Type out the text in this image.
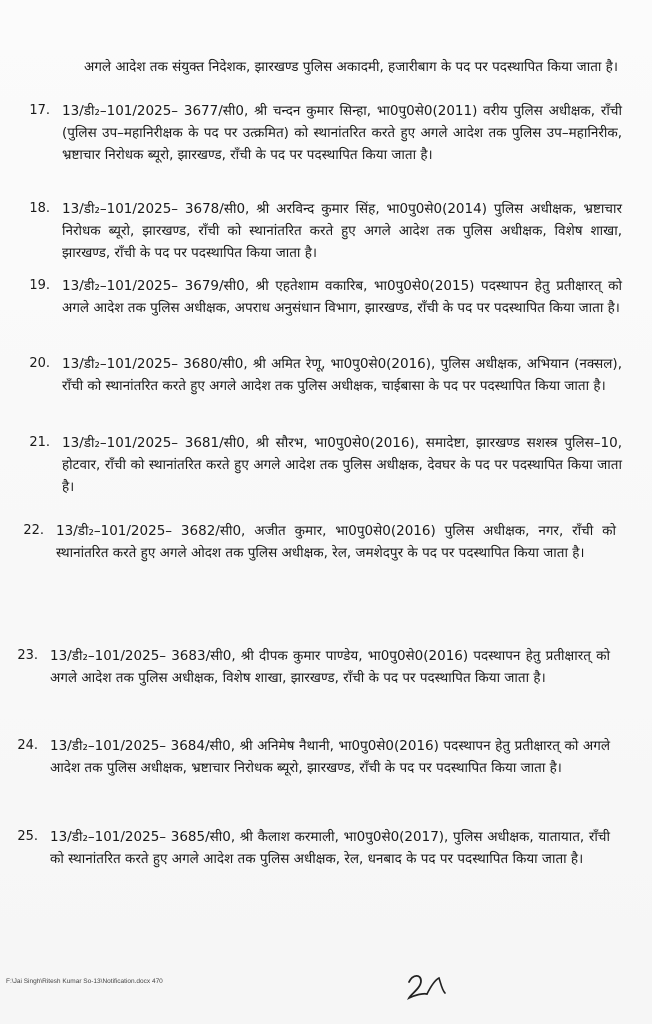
अगले आदेश तक संयुक्त निदेशक, झारखण्ड पुलिस अकादमी, हजारीबाग के पद पर पदस्थापित किया जाता है।

17. 13/डी₂–101/2025– 3677/सी0, श्री चन्दन कुमार सिन्हा, भा0पु0से0(2011) वरीय पुलिस अधीक्षक, राँची (पुलिस उप–महानिरीक्षक के पद पर उत्क्रमित) को स्थानांतरित करते हुए अगले आदेश तक पुलिस उप–महानिरीक, भ्रष्टाचार निरोधक ब्यूरो, झारखण्ड, राँची के पद पर पदस्थापित किया जाता है।
18. 13/डी₂–101/2025– 3678/सी0, श्री अरविन्द कुमार सिंह, भा0पु0से0(2014) पुलिस अधीक्षक, भ्रष्टाचार निरोधक ब्यूरो, झारखण्ड, राँची को स्थानांतरित करते हुए अगले आदेश तक पुलिस अधीक्षक, विशेष शाखा, झारखण्ड, राँची के पद पर पदस्थापित किया जाता है।
19. 13/डी₂–101/2025– 3679/सी0, श्री एहतेशाम वकारिब, भा0पु0से0(2015) पदस्थापन हेतु प्रतीक्षारत् को अगले आदेश तक पुलिस अधीक्षक, अपराध अनुसंधान विभाग, झारखण्ड, राँची के पद पर पदस्थापित किया जाता है।
20. 13/डी₂–101/2025– 3680/सी0, श्री अमित रेणू, भा0पु0से0(2016), पुलिस अधीक्षक, अभियान (नक्सल), राँची को स्थानांतरित करते हुए अगले आदेश तक पुलिस अधीक्षक, चाईबासा के पद पर पदस्थापित किया जाता है।
21. 13/डी₂–101/2025– 3681/सी0, श्री सौरभ, भा0पु0से0(2016), समादेष्टा, झारखण्ड सशस्त्र पुलिस–10, होटवार, राँची को स्थानांतरित करते हुए अगले आदेश तक पुलिस अधीक्षक, देवघर के पद पर पदस्थापित किया जाता है।
22. 13/डी₂–101/2025– 3682/सी0, अजीत कुमार, भा0पु0से0(2016) पुलिस अधीक्षक, नगर, राँची को स्थानांतरित करते हुए अगले ओदश तक पुलिस अधीक्षक, रेल, जमशेदपुर के पद पर पदस्थापित किया जाता है।
23. 13/डी₂–101/2025– 3683/सी0, श्री दीपक कुमार पाण्डेय, भा0पु0से0(2016) पदस्थापन हेतु प्रतीक्षारत् को अगले आदेश तक पुलिस अधीक्षक, विशेष शाखा, झारखण्ड, राँची के पद पर पदस्थापित किया जाता है।
24. 13/डी₂–101/2025– 3684/सी0, श्री अनिमेष नैथानी, भा0पु0से0(2016) पदस्थापन हेतु प्रतीक्षारत् को अगले आदेश तक पुलिस अधीक्षक, भ्रष्टाचार निरोधक ब्यूरो, झारखण्ड, राँची के पद पर पदस्थापित किया जाता है।
25. 13/डी₂–101/2025– 3685/सी0, श्री कैलाश करमाली, भा0पु0से0(2017), पुलिस अधीक्षक, यातायात, राँची को स्थानांतरित करते हुए अगले आदेश तक पुलिस अधीक्षक, रेल, धनबाद के पद पर पदस्थापित किया जाता है।
F:\Jai Singh\Ritesh Kumar So-13\Notification.docx 470
